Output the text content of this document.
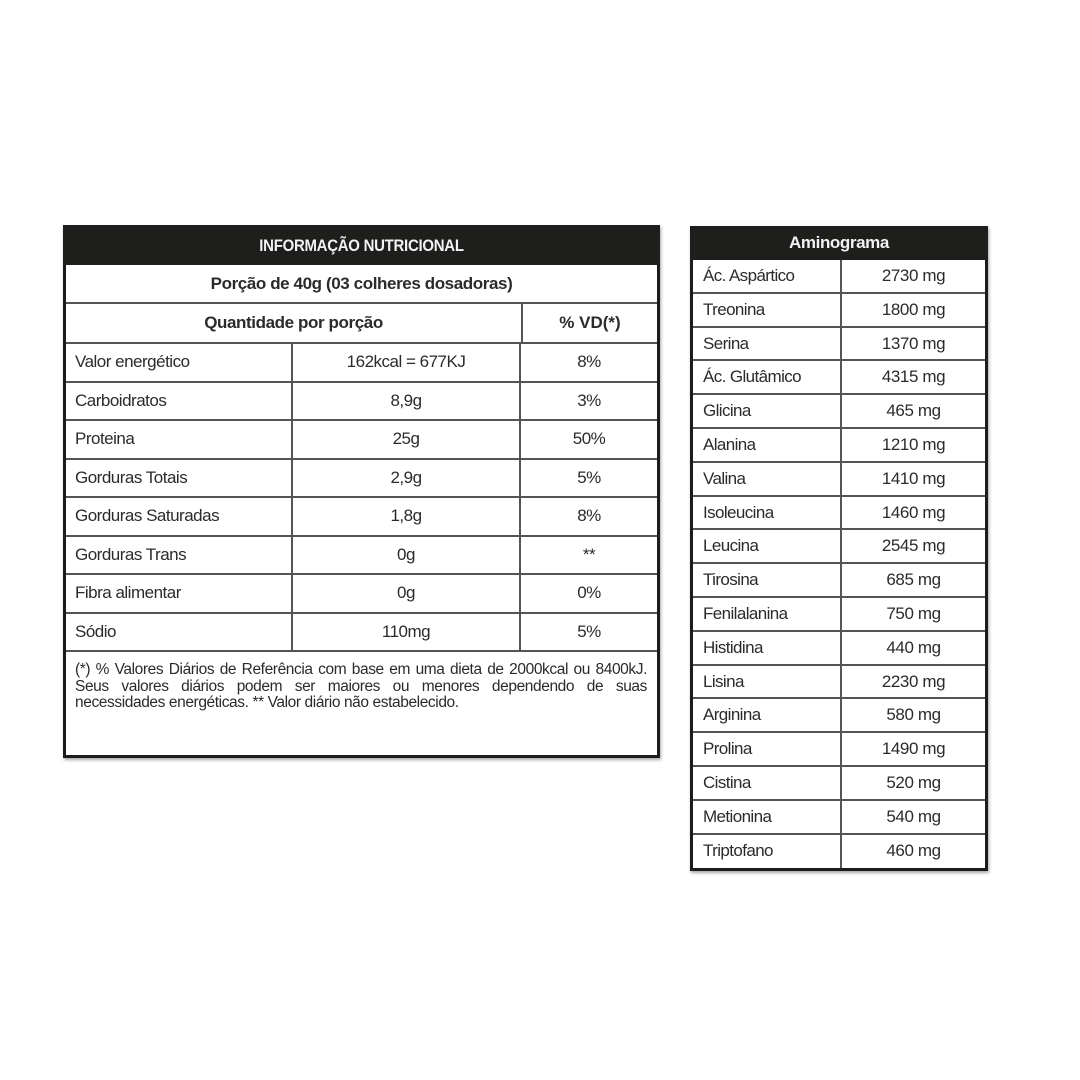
INFORMAÇÃO NUTRICIONAL
Porção de 40g (03 colheres dosadoras)
Quantidade por porção	% VD(*)
Valor energético	162kcal = 677KJ	8%
Carboidratos	8,9g	3%
Proteina	25g	50%
Gorduras Totais	2,9g	5%
Gorduras Saturadas	1,8g	8%
Gorduras Trans	0g	**
Fibra alimentar	0g	0%
Sódio	110mg	5%
(*) % Valores Diários de Referência com base em uma dieta de 2000kcal ou 8400kJ. Seus valores diários podem ser maiores ou menores dependendo de suas necessidades energéticas. ** Valor diário não estabelecido.
Aminograma
Ác. Aspártico	2730 mg
Treonina	1800 mg
Serina	1370 mg
Ác. Glutâmico	4315 mg
Glicina	465 mg
Alanina	1210 mg
Valina	1410 mg
Isoleucina	1460 mg
Leucina	2545 mg
Tirosina	685 mg
Fenilalanina	750 mg
Histidina	440 mg
Lisina	2230 mg
Arginina	580 mg
Prolina	1490 mg
Cistina	520 mg
Metionina	540 mg
Triptofano	460 mg
